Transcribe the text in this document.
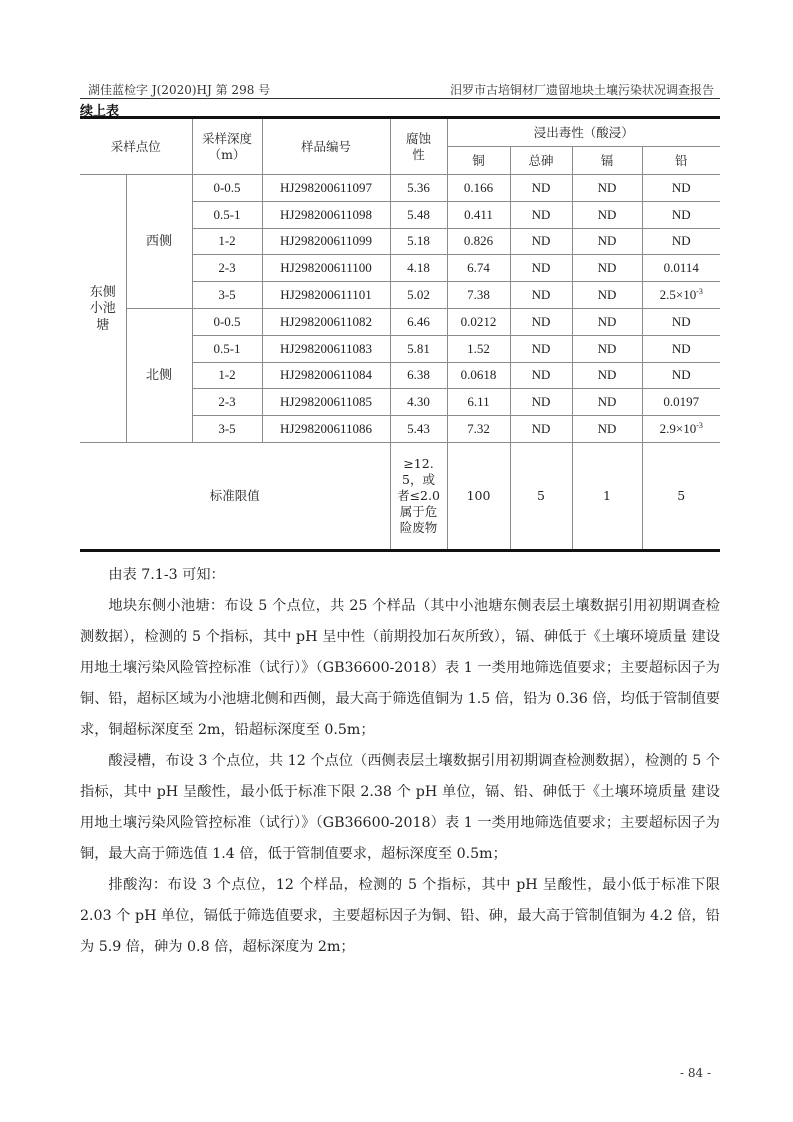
湖佳蓝检字 J(2020)HJ 第 298 号	汨罗市古培铜材厂遗留地块土壤污染状况调查报告
续上表
采样点位		采样深度（m）	样品编号	腐蚀性	浸出毒性（酸浸）			
					铜	总砷	镉	铅
东侧小池塘	西侧	0-0.5	HJ298200611097	5.36	0.166	ND	ND	ND
		0.5-1	HJ298200611098	5.48	0.411	ND	ND	ND
		1-2	HJ298200611099	5.18	0.826	ND	ND	ND
		2-3	HJ298200611100	4.18	6.74	ND	ND	0.0114
		3-5	HJ298200611101	5.02	7.38	ND	ND	$2.5\times 10^{-3}$
	北侧	0-0.5	HJ298200611082	6.46	0.0212	ND	ND	ND
		0.5-1	HJ298200611083	5.81	1.52	ND	ND	ND
		1-2	HJ298200611084	6.38	0.0618	ND	ND	ND
		2-3	HJ298200611085	4.30	6.11	ND	ND	0.0197
		3-5	HJ298200611086	5.43	7.32	ND	ND	$2.9\times 10^{-3}$
标准限值				≥12.5，或者≤2.0属于危险废物	100	5	1	5

由表 7.1-3 可知：

地块东侧小池塘：布设 5 个点位，共 25 个样品（其中小池塘东侧表层土壤数据引用初期调查检测数据），检测的 5 个指标，其中 pH 呈中性（前期投加石灰所致），镉、砷低于《土壤环境质量 建设用地土壤污染风险管控标准（试行）》（GB36600-2018）表 1 一类用地筛选值要求；主要超标因子为铜、铅，超标区域为小池塘北侧和西侧，最大高于筛选值铜为 1.5 倍，铅为 0.36 倍，均低于管制值要求，铜超标深度至 2m，铅超标深度至 0.5m；

酸浸槽，布设 3 个点位，共 12 个点位（西侧表层土壤数据引用初期调查检测数据），检测的 5 个指标，其中 pH 呈酸性，最小低于标准下限 2.38 个 pH 单位，镉、铅、砷低于《土壤环境质量 建设用地土壤污染风险管控标准（试行）》（GB36600-2018）表 1 一类用地筛选值要求；主要超标因子为铜，最大高于筛选值 1.4 倍，低于管制值要求，超标深度至 0.5m；

排酸沟：布设 3 个点位，12 个样品，检测的 5 个指标，其中 pH 呈酸性，最小低于标准下限 2.03 个 pH 单位，镉低于筛选值要求，主要超标因子为铜、铅、砷，最大高于管制值铜为 4.2 倍，铅为 5.9 倍，砷为 0.8 倍，超标深度为 2m；

- 84 -
